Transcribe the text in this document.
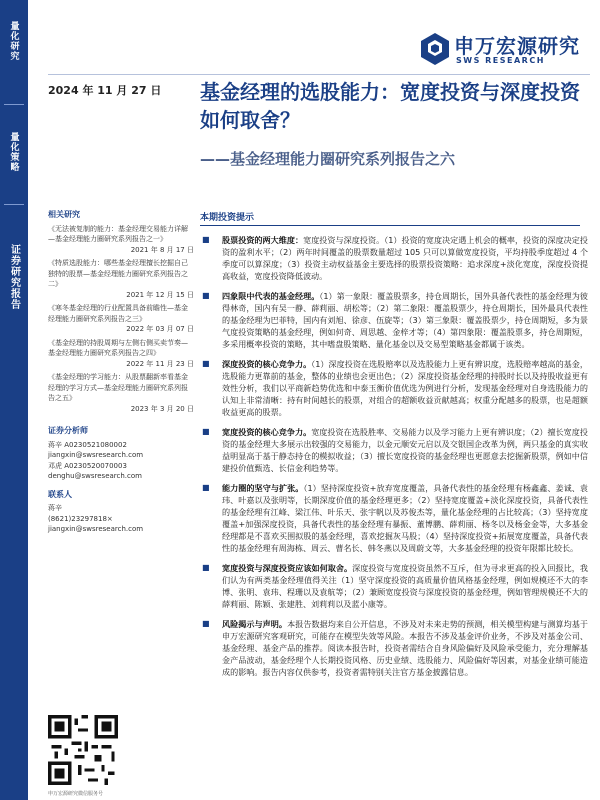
量化研究
量化策略
证券研究报告
申万宏源研究
SWS RESEARCH
2024 年 11 月 27 日 基金经理的选股能力：宽度投资与深度投资如何取舍？
——基金经理能力圈研究系列报告之六
相关研究
《无法被复制的能力：基金经理交易能力详解—基金经理能力圈研究系列报告之一》
2021 年 8 月 17 日
《特质选股能力：哪些基金经理擅长挖掘自己独特的股票—基金经理能力圈研究系列报告之二》
2021 年 12 月 15 日
《寒冬基金经理的行业配置具备前瞻性—基金经理能力圈研究系列报告之三》
2022 年 03 月 07 日
《基金经理的持股周期与左侧右侧买卖节奏—基金经理能力圈研究系列报告之四》
2022 年 11 月 23 日
《基金经理的学习能力：从股票翻新率看基金经理的学习方式—基金经理能力圈研究系列报告之五》
2023 年 3 月 20 日
证券分析师
蒋辛 A0230521080002
jiangxin@swsresearch.com
邓虎 A0230520070003
denghu@swsresearch.com
联系人
蒋辛
(8621)23297818×
jiangxin@swsresearch.com
申万宏源研究微信服务号
本期投资提示
■ 股票投资的两大维度：宽度投资与深度投资。（1）投资的宽度决定遇上机会的概率，投资的深度决定投资的盈利水平；（2）两年时间覆盖的股票数量超过 105 只可以算做宽度投资，平均持股季度超过 4 个季度可以算深度；（3）投资主动权益基金主要选择的股票投资策略：追求深度+淡化宽度，深度投资提高收益，宽度投资降低波动。
■ 四象限中代表的基金经理。（1）第一象限：覆盖股票多，持仓周期长，国外具备代表性的基金经理为彼得林奇，国内有吴一静、薛莉丽、胡松等；（2）第二象限：覆盖股票少，持仓周期长，国外最具代表性的基金经理为巴菲特，国内有刘旭、徐彦、伍旋等；（3）第三象限：覆盖股票少，持仓周期短，多为景气度投资策略的基金经理，例如何奇、周思越、金梓才等；（4）第四象限：覆盖股票多，持仓周期短，多采用概率投资的策略，其中嗜盘股策略、量化基金以及交易型策略基金都属于该类。
■ 深度投资的核心竞争力。（1）深度投资在选股赔率以及选股能力上更有辨识度，选股赔率越高的基金，选股能力更靠前的基金，整体的业绩也会更出色；（2）深度投资基金经理的持股时长以及持股收益更有效性分析，我们以平商新趋势优选和中泰玉衡价值优选为例进行分析，发现基金经理对自身选股能力的认知上非常清晰：持有时间越长的股票，对组合的超额收益贡献越高；权重分配越多的股票，也是超额收益更高的股票。
■ 宽度投资的核心竞争力。宽度投资在选股胜率、交易能力以及学习能力上更有辨识度；（2）擅长宽度投资的基金经理大多展示出较强的交易能力，以金元顺安元启以及交银国企改革为例，两只基金的真实收益明显高于基于静态持仓的模拟收益；（3）擅长宽度投资的基金经理也更愿意去挖掘新股票，例如中信建投价值甄选、长信金利趋势等。
■ 能力圈的坚守与扩张。（1）坚持深度投资+放弃宽度覆盖，具备代表性的基金经理有杨鑫鑫、姜诚、袁玮、叶嘉以及张明等，长期深度价值的基金经理更多；（2）坚持宽度覆盖+淡化深度投资，具备代表性的基金经理有江峰、梁江伟、叶乐天、张宇帆以及苏俊杰等，量化基金经理的占比较高；（3）坚持宽度覆盖+加强深度投资，具备代表性的基金经理有暴振、董博鹏、薛莉丽、杨冬以及杨金金等，大多基金经理都是不喜欢买围拟股的基金经理，喜欢挖掘灰马股；（4）坚持深度投资+拓展宽度覆盖，具备代表性的基金经理有周海栋、周云、曹名长、韩冬燕以及周蔚文等，大多基金经理的投资年限都比较长。
■ 宽度投资与深度投资应该如何取舍。深度投资与宽度投资虽然不互斥，但为寻求更高的投入回报比，我们认为有两类基金经理值得关注（1）坚守深度投资的高质量价值风格基金经理，例如规模还不大的李博、张明、袁玮、程珊以及袁航等；（2）兼顾宽度投资与深度投资的基金经理，例如管理规模还不大的薛莉丽、陈颖、张建胜、刘莉莉以及蓝小康等。
■ 风险揭示与声明。本报告数据均来自公开信息，不涉及对未来走势的预测，相关模型构建与测算均基于申万宏源研究客观研究，可能存在模型失效等风险。本报告不涉及基金评价业务，不涉及对基金公司、基金经理、基金产品的推荐。阅读本报告时，投资者需结合自身风险偏好及风险承受能力，充分理解基金产品波动，基金经理个人长期投资风格、历史业绩、选股能力、风险偏好等因素，对基金业绩可能造成的影响。报告内容仅供参考，投资者需特别关注官方基金披露信息。
